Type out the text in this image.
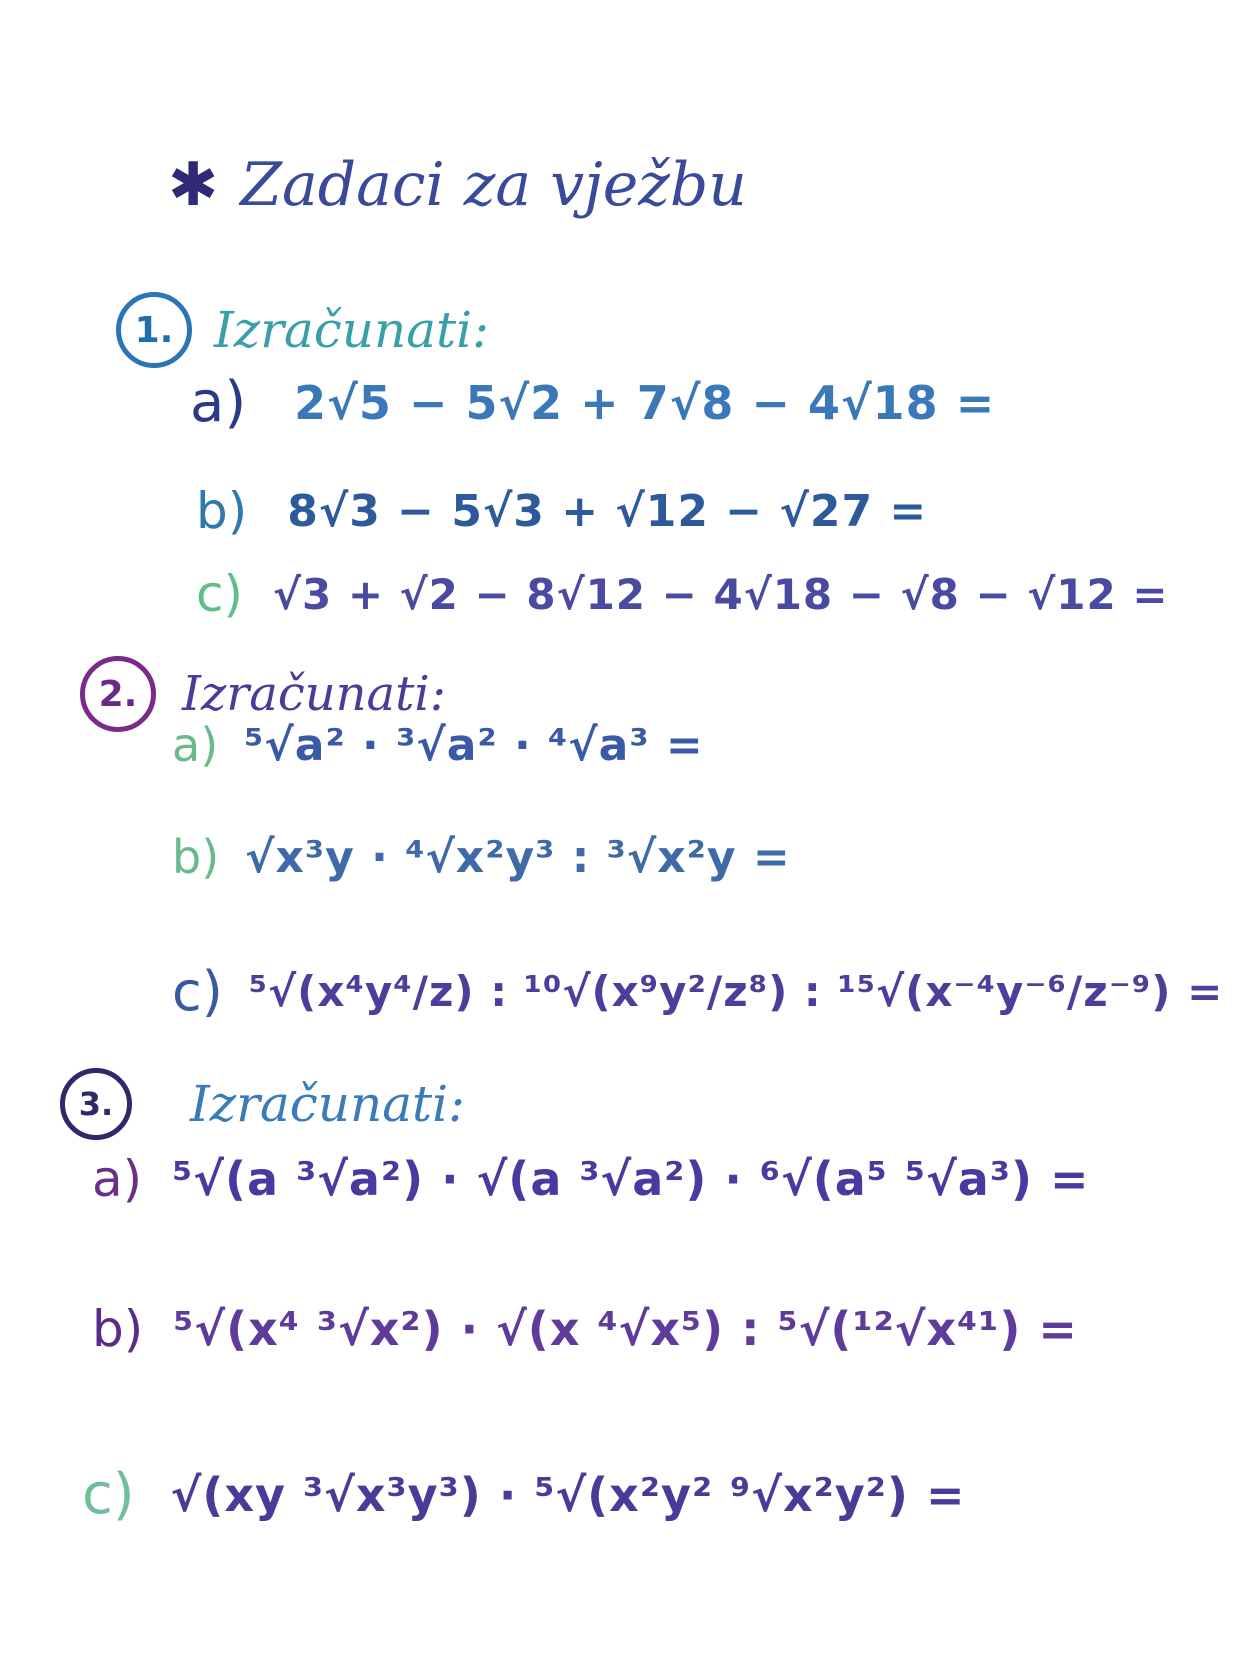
✱ Zadaci za vježbu
1. Izračunati:
a) 2√5 − 5√2 + 7√8 − 4√18 =
b) 8√3 − 5√3 + √12 − √27 =
c) √3 + √2 − 8√12 − 4√18 − √8 − √12 =
2. Izračunati:
a) ⁵√a² · ³√a² · ⁴√a³ =
b) √x³y · ⁴√x²y³ : ³√x²y =
c) ⁵√(x⁴y⁴/z) : ¹⁰√(x⁹y²/z⁸) : ¹⁵√(x⁻⁴y⁻⁶/z⁻⁹) =
3.	Izračunati:
a) ⁵√(a ³√a²) · √(a ³√a²) · ⁶√(a⁵ ⁵√a³) =
b) ⁵√(x⁴ ³√x²) · √(x ⁴√x⁵) : ⁵√(¹²√x⁴¹) =
c) √(xy ³√x³y³) · ⁵√(x²y² ⁹√x²y²) =
